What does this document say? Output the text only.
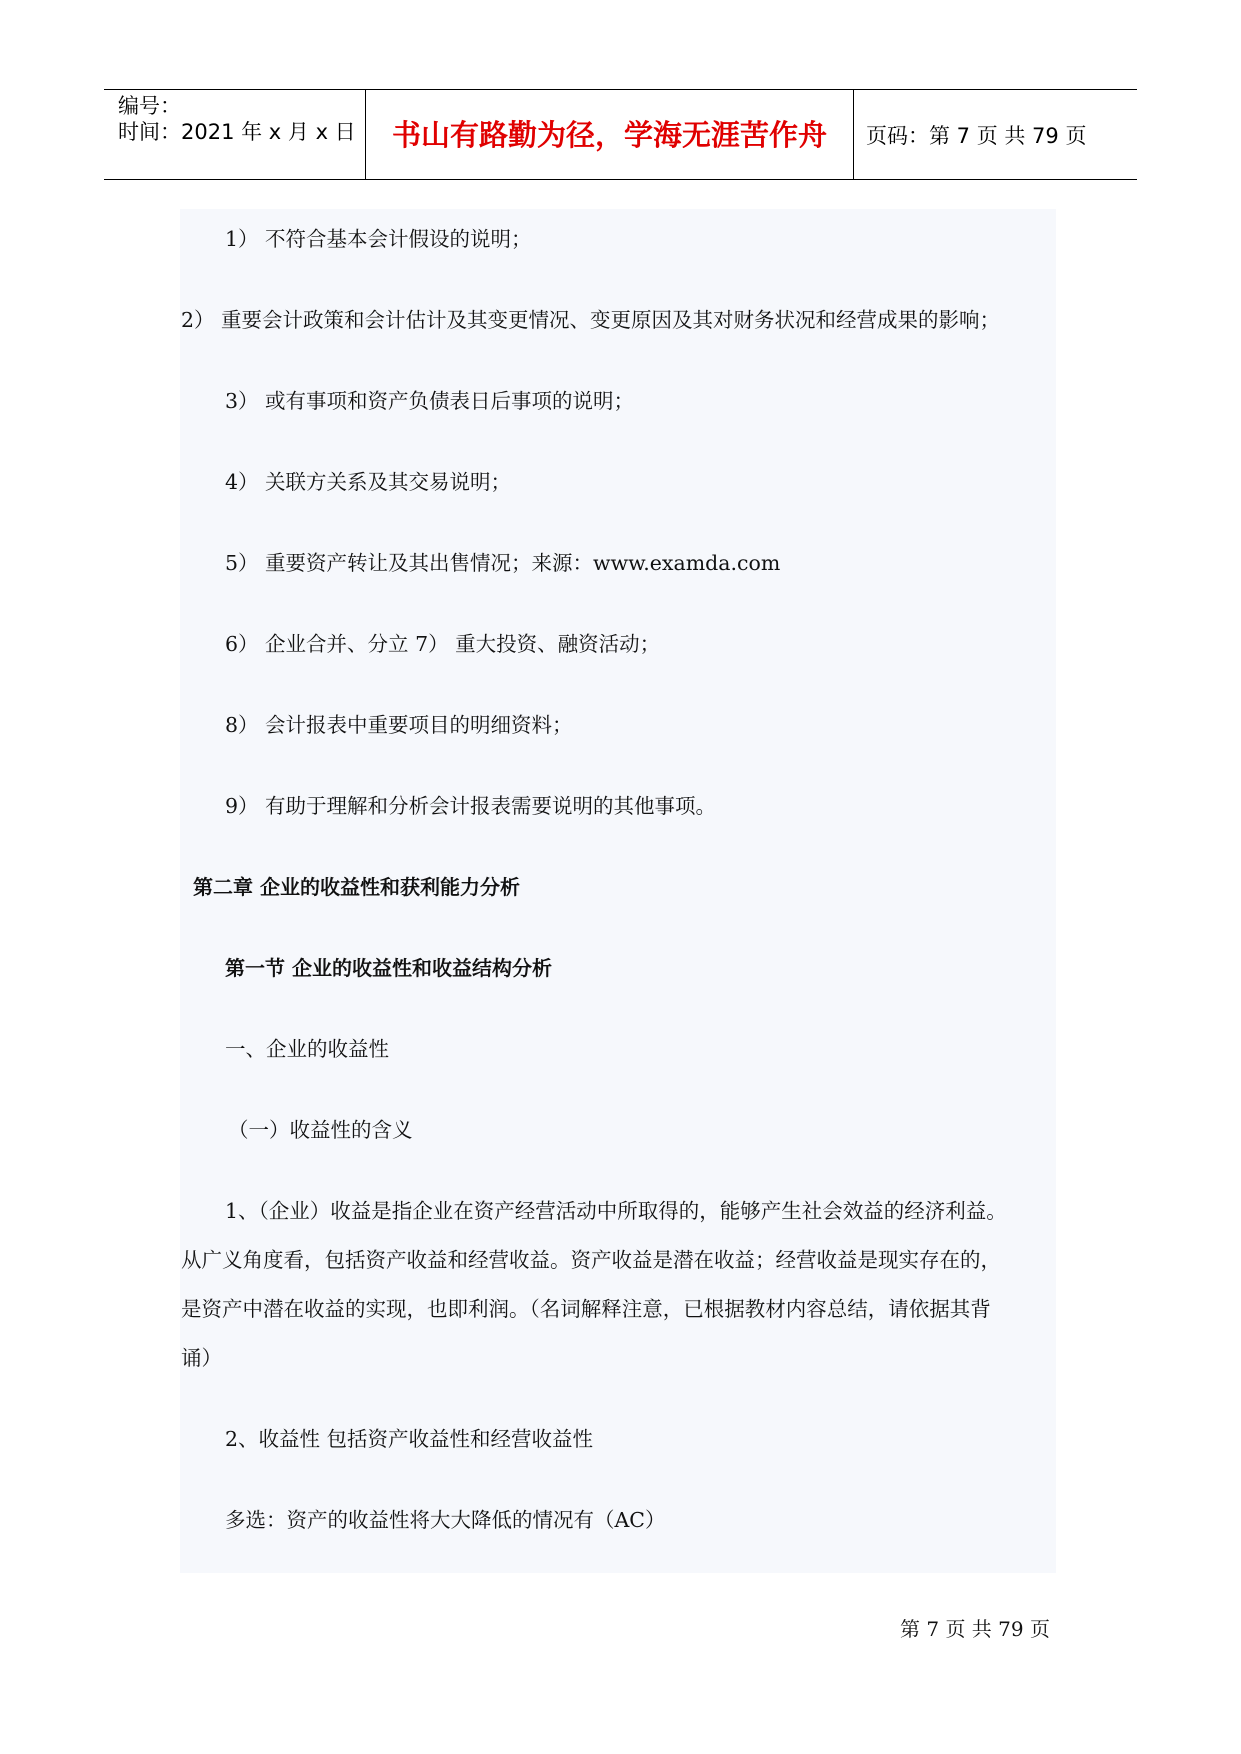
编号：
时间：2021 年 x 月 x 日	书山有路勤为径，学海无涯苦作舟	页码：第 7 页 共 79 页
1） 不符合基本会计假设的说明；
2） 重要会计政策和会计估计及其变更情况、变更原因及其对财务状况和经营成果的影响；
3） 或有事项和资产负债表日后事项的说明；
4） 关联方关系及其交易说明；
5） 重要资产转让及其出售情况；来源：www.examda.com
6） 企业合并、分立 7） 重大投资、融资活动；
8） 会计报表中重要项目的明细资料；
9） 有助于理解和分析会计报表需要说明的其他事项。
第二章 企业的收益性和获利能力分析
第一节 企业的收益性和收益结构分析
一、企业的收益性
（一）收益性的含义
1、（企业）收益是指企业在资产经营活动中所取得的，能够产生社会效益的经济利益。
从广义角度看，包括资产收益和经营收益。资产收益是潜在收益；经营收益是现实存在的，
是资产中潜在收益的实现，也即利润。（名词解释注意，已根据教材内容总结，请依据其背
诵）
2、收益性 包括资产收益性和经营收益性
多选：资产的收益性将大大降低的情况有（AC）
第 7 页 共 79 页
